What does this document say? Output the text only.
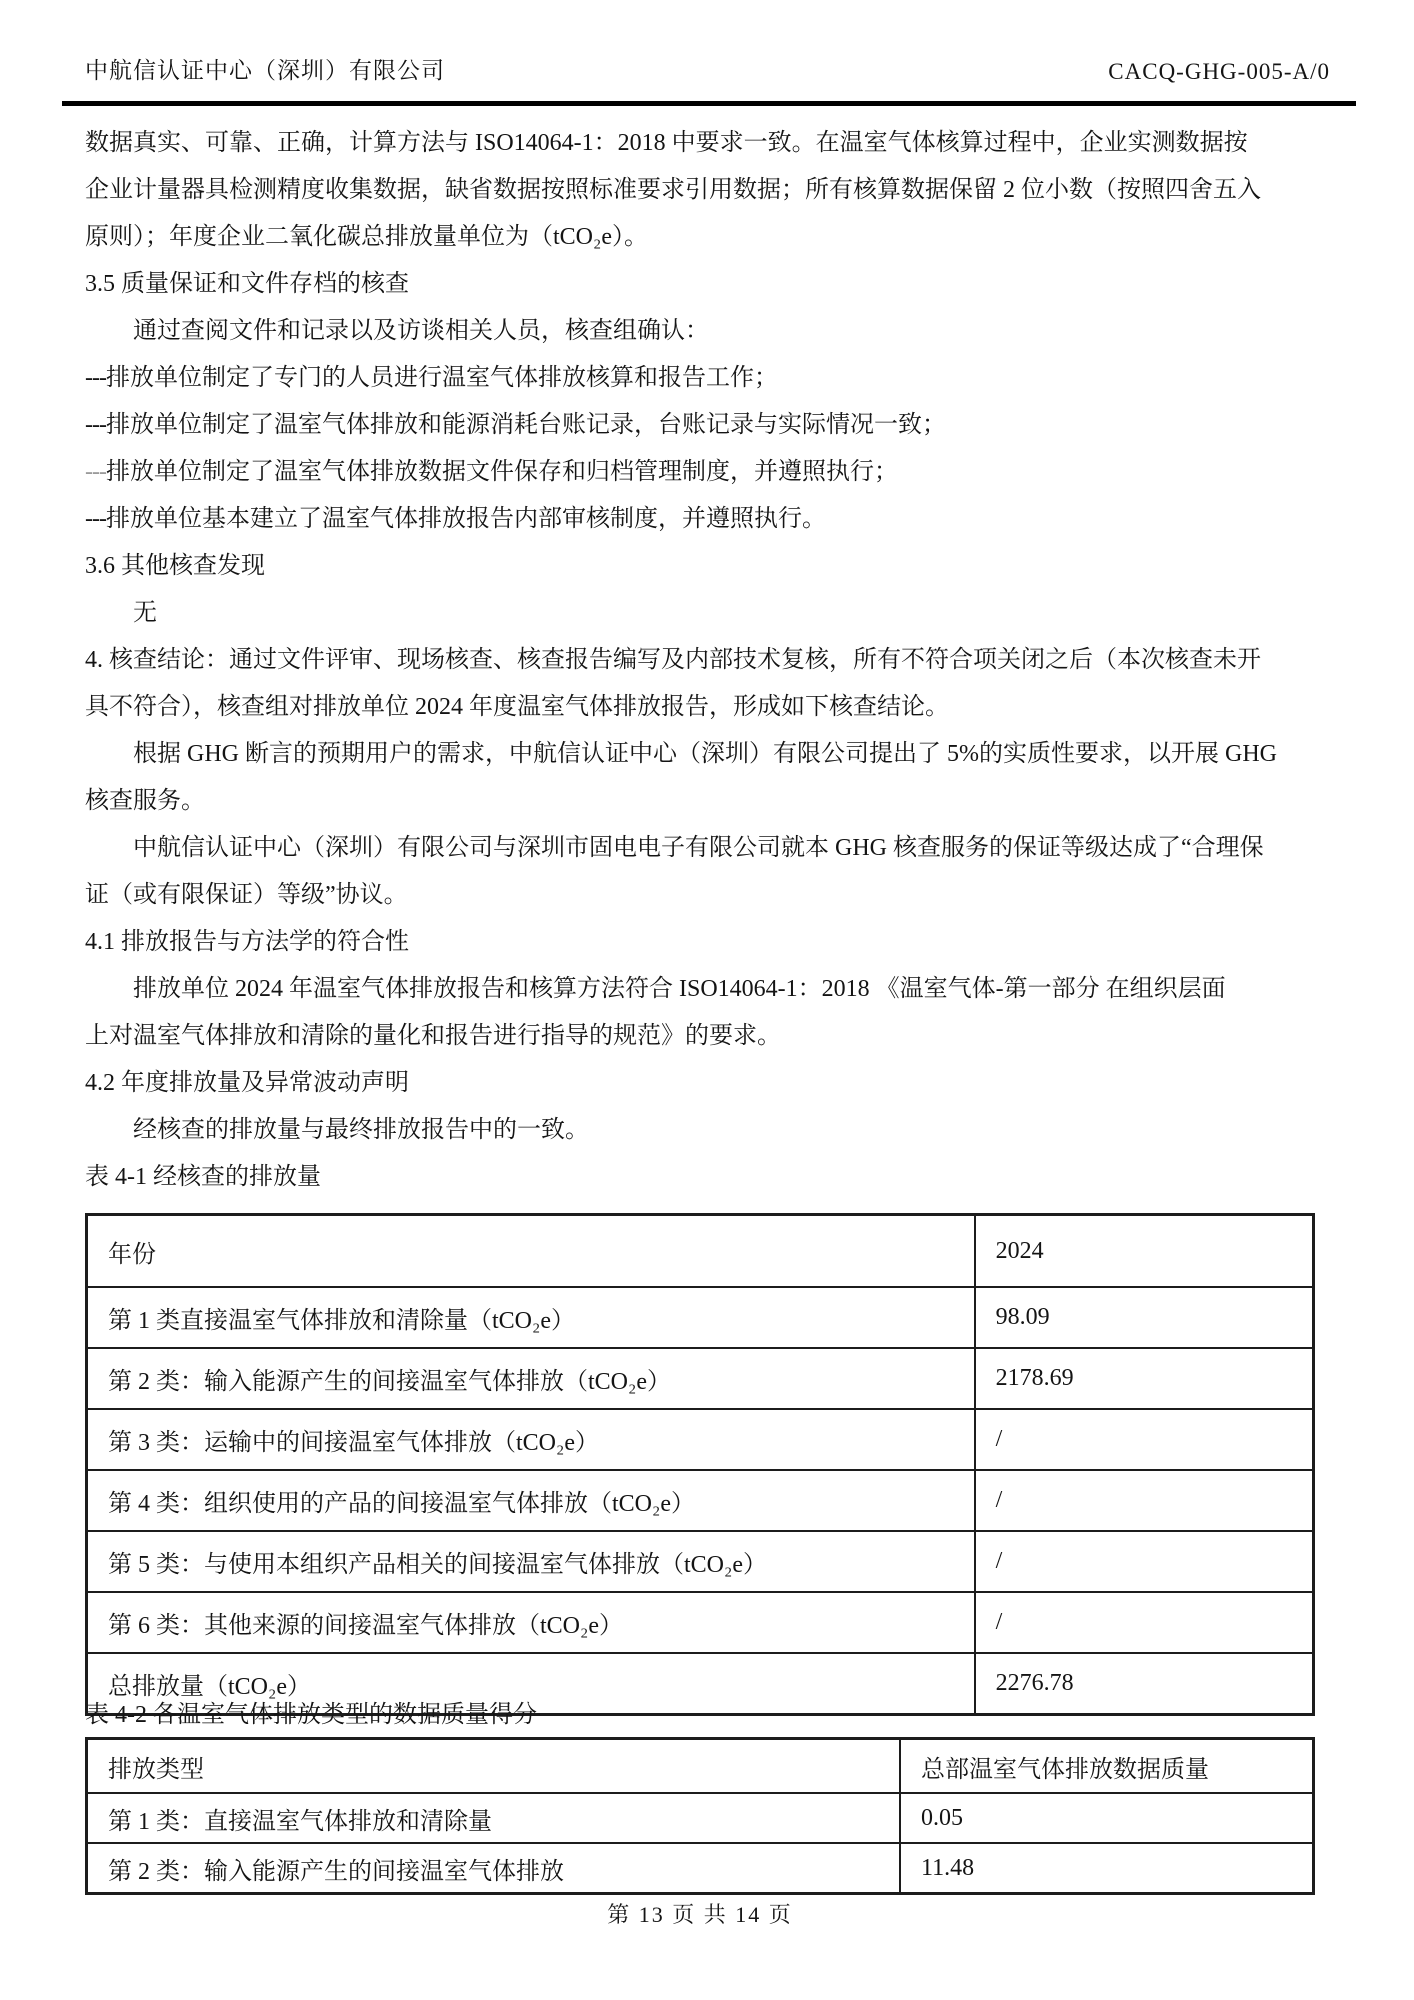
中航信认证中心（深圳）有限公司	CACQ-GHG-005-A/0
数据真实、可靠、正确，计算方法与 ISO14064-1：2018 中要求一致。在温室气体核算过程中，企业实测数据按
企业计量器具检测精度收集数据，缺省数据按照标准要求引用数据；所有核算数据保留 2 位小数（按照四舍五入
原则）；年度企业二氧化碳总排放量单位为（tCO₂e）。
3.5 质量保证和文件存档的核查
通过查阅文件和记录以及访谈相关人员，核查组确认：
---排放单位制定了专门的人员进行温室气体排放核算和报告工作；
---排放单位制定了温室气体排放和能源消耗台账记录，台账记录与实际情况一致；
---排放单位制定了温室气体排放数据文件保存和归档管理制度，并遵照执行；
---排放单位基本建立了温室气体排放报告内部审核制度，并遵照执行。
3.6 其他核查发现
无
4. 核查结论：通过文件评审、现场核查、核查报告编写及内部技术复核，所有不符合项关闭之后（本次核查未开
具不符合），核查组对排放单位 2024 年度温室气体排放报告，形成如下核查结论。
根据 GHG 断言的预期用户的需求，中航信认证中心（深圳）有限公司提出了 5%的实质性要求，以开展 GHG
核查服务。
中航信认证中心（深圳）有限公司与深圳市固电电子有限公司就本 GHG 核查服务的保证等级达成了“合理保
证（或有限保证）等级”协议。
4.1 排放报告与方法学的符合性
排放单位 2024 年温室气体排放报告和核算方法符合 ISO14064-1：2018 《温室气体-第一部分 在组织层面
上对温室气体排放和清除的量化和报告进行指导的规范》的要求。
4.2 年度排放量及异常波动声明
经核查的排放量与最终排放报告中的一致。
表 4-1 经核查的排放量
年份	2024
第 1 类直接温室气体排放和清除量（tCO₂e）	98.09
第 2 类：输入能源产生的间接温室气体排放（tCO₂e）	2178.69
第 3 类：运输中的间接温室气体排放（tCO₂e）	/
第 4 类：组织使用的产品的间接温室气体排放（tCO₂e）	/
第 5 类：与使用本组织产品相关的间接温室气体排放（tCO₂e）	/
第 6 类：其他来源的间接温室气体排放（tCO₂e）	/
总排放量（tCO₂e）	2276.78
表 4-2 各温室气体排放类型的数据质量得分
排放类型	总部温室气体排放数据质量
第 1 类：直接温室气体排放和清除量	0.05
第 2 类：输入能源产生的间接温室气体排放	11.48
第 13 页 共 14 页
